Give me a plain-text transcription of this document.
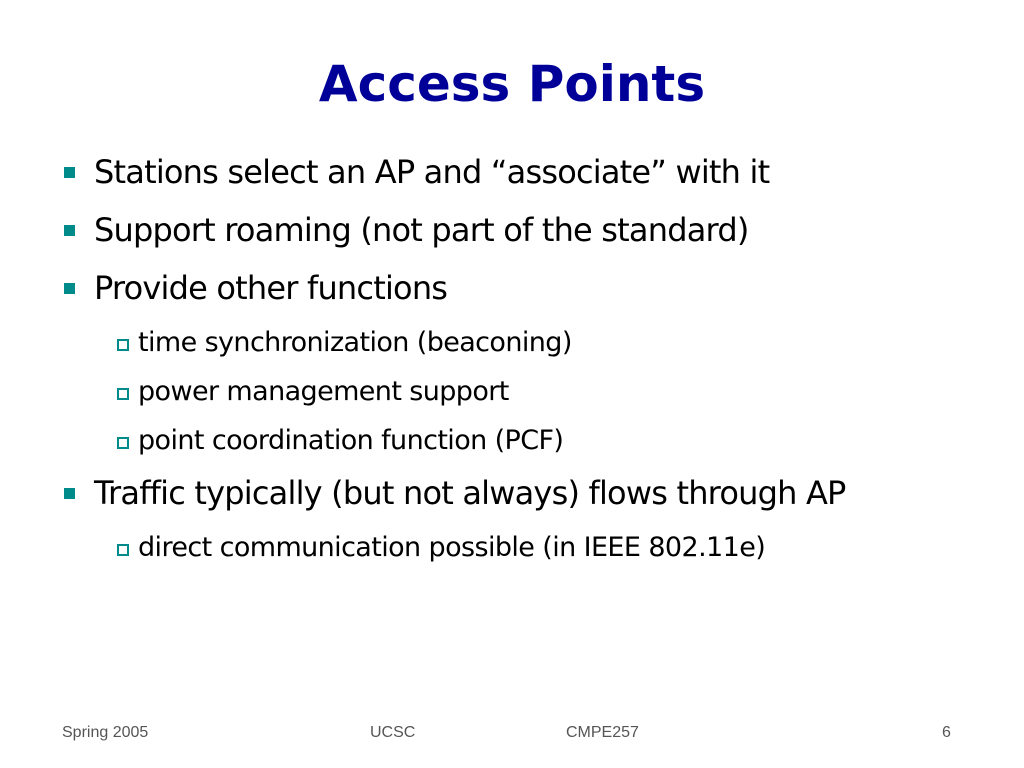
Access Points
Stations select an AP and “associate” with it
Support roaming (not part of the standard)
Provide other functions
time synchronization (beaconing)
power management support
point coordination function (PCF)
Traffic typically (but not always) flows through AP
direct communication possible (in IEEE 802.11e)
Spring 2005	UCSC	CMPE257	6
